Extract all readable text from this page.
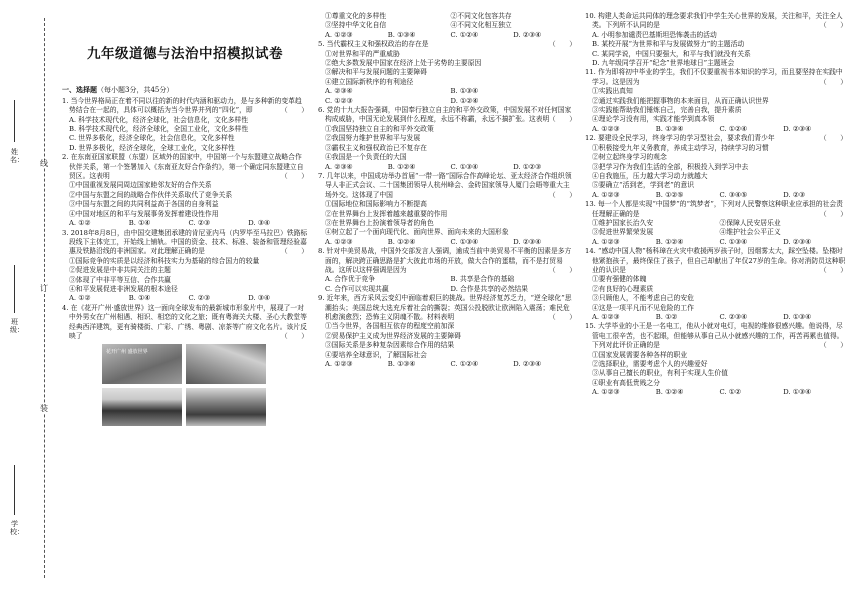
线
订
装
姓名：
班级：
学校：
九年级道德与法治中招模拟试卷
一、选择题（每小题3分，共45分）
1. 当今世界格局正在着不同以往的新的时代内涵和驱动力，是与多种新的变革趋势结合在一起的，具体可以概括为当今世界并列的“四化”，即	（　　）
A. 科学技术现代化，经济全球化，社会信息化，文化多样性
B. 科学技术现代化，经济全球化，全国工业化，文化多样性
C. 世界多极化，经济全球化，社会信息化，文化多样性
D. 世界多极化，经济全球化，全球工业化，文化多样性
2. 在东南亚国家联盟（东盟）区域外的国家中，中国第一个与东盟建立战略合作伙伴关系，第一个签署加入《东南亚友好合作条约》，第一个确定同东盟建立自贸区。这表明	（　　）
①中国重视发展同周边国家睦邻友好的合作关系
②中国与东盟之间的战略合作伙伴关系取代了竞争关系
③中国与东盟之间的共同利益高于各国的自身利益
④中国对地区的和平与发展事务发挥着建设性作用
A. ①②	B. ①④	C. ②③	D. ③④
3. 2018年8月8日，由中国交建集团承建的肯尼亚内马（内罗毕至马拉巴）铁路标段线下主体完工，开始线上铺轨。中国的资金、技术、标准、装备和管理经验嘉惠及铁路沿线的非洲国家。对此理解正确的是	（　　）
①国际竞争的实质是以经济和科技实力为基础的综合国力的较量
②促进发展是中非共同关注的主题
③体现了中非平等互信、合作共赢
④和平发展促进非洲发展的根本途径
A. ①②	B. ①④	C. ②③	D. ③④
4. 在《花开广州·盛放世界》这一面向全球发布的最新城市形象片中，展现了一对中外男女在广州相遇、相识、相恋的文化之旅；既有粤海关大楼、圣心大教堂等经典西洋建筑，更有骑楼街、广彩、广绣、粤剧、凉茶等广府文化名片。该片反映了	（　　）
花开广州 盛放世界
①尊重文化的多样性	②不同文化包容共存
③坚持中华文化自信	④不同文化相互独立
A. ①②③	B. ①③④	C. ①②④	D. ②③④
5. 当代霸权主义和强权政治的存在是	（　　）
①对世界和平的严重威胁
②绝大多数发展中国家在经济上处于劣势的主要原因
③解决和平与发展问题的主要障碍
④建立国际新秩序的有利途径
A. ②③④	B. ①③④
C. ①②③	D. ①②④
6. 党的十九大报告强调，中国奉行独立自主的和平外交政策，中国发展不对任何国家构成威胁，中国无论发展到什么程度，永远不称霸，永远不搞扩张。这表明 （　　）
①我国坚持独立自主的和平外交政策
②我国努力维护世界和平与发展
③霸权主义和强权政治已不复存在
④我国是一个负责任的大国
A. ②③④	B. ①②④	C. ①③④	D. ①②③
7. 几年以来，中国成功举办首届“一带一路”国际合作高峰论坛、亚太经济合作组织领导人非正式会议、二十国集团领导人杭州峰会、金砖国家领导人厦门会晤等重大主场外交。这体现了中国	（　　）
①国际地位和国际影响力不断提高
②在世界舞台上发挥着越来越重要的作用
③在世界舞台上扮演着领导者的角色
④树立起了一个面向现代化、面向世界、面向未来的大国形象
A. ①②③	B. ①②④	C. ①③④	D. ②③④
8. 针对中美贸易战，中国外交部发言人强调，逾成当前中美贸易不平衡的因素是多方面的，解决跨正确思路是扩大彼此市场的开放，做大合作的蛋糕，而不是打贸易战。这所以这样强调是因为	（　　）
A. 合作优于竞争	B. 共享是合作的基础
C. 合作可以实现共赢	D. 合作是共享的必然结果
9. 近年来，西方采风云变幻中面临着艰巨的挑战。世界经济复苏乏力，“逆全球化”思潮抬头；美国总统大选充斥着社会的撕裂；英国公投脱欧让欧洲陷入震荡；难民危机愈演愈烈；恐怖主义阴魂不散。材料表明	（　　）
①当今世界，各国相互依存的程度空前加深
②贸易保护主义成为世界经济发展的主要障碍
③国际关系是多种复杂因素综合作用的结果
④要培养全球意识，了解国际社会
A. ①②③	B. ①③④	C. ①②④	D. ②③④
10. 构建人类命运共同体的理念要求我们中学生关心世界的发展，关注和平，关注全人类。下列所不认同的是	（　　）
A. 小明参加谴责巴基斯坦恐怖袭击的活动
B. 某校开展“为世界和平与发展做努力”的主题活动
C. 某同学说，中国只要强大，和平与我们就没有关系
D. 九年级同学召开“纪念”世界地球日”主题班会
11. 作为即将初中毕业的学生，我们不仅要重视书本知识的学习，而且要坚持在实践中学习。这是因为	（　　）
①实践出真知
②通过实践我们能把握事物的本来面目，从而正确认识世界
③实践能帮助我们锤炼自己，完善自我，提升素质
④理论学习没有用，实践才能学到真本领
A. ①②③	B. ①③④	C. ①②④	D. ②③④
12. 要建设全民学习，终身学习的学习型社会，要求我们青少年	（　　）
①积极接受九年义务教育，养成主动学习，持续学习的习惯
②树立起终身学习的观念
③把学习作为我们生活的全部，积极投入到学习中去
④自我施压，压力越大学习动力就越大
⑤要确立“活到老，学到老”的意识
A. ①②③	B. ①②⑤	C. ③④⑤	D. ②③
13. 每一个人都是实现“中国梦”的“筑梦者”，下列对人民警察这种职业应承担的社会责任理解正确的是	（　　）
①维护国家长治久安	②保障人民安居乐业
③促进世界繁荣发展	④维护社会公平正义
A. ①②③	B. ①②④	C. ①③④	D. ②③④
14. “感动中国人物”杨科璋在火灾中救援两岁孩子时，因烟雾太大，踩空坠楼。坠楼时他紧抱孩子，最终保住了孩子，但自己却献出了年仅27岁的生命。你对消防员这种职业的认识是	（　　）
①要有强健的体魄
②有良好的心理素质
③只顾他人，不能考虑自己的安危
④这是一项平凡而不见危险的工作
A. ①②③	B. ①②	C. ②③④	D. ①③④
15. 大学毕业的小王是一名电工，他从小就对电灯，电视的维修很感兴趣。他说得，尽管电工很辛苦，也不起眼，但能够从事自己从小就感兴趣的工作，再苦再累也值得。下列对此评价正确的是	（　　）
①国家发展需要各种各样的职业
②选择职业，需要考虑个人的兴趣爱好
③从事自己擅长的职业，有利于实现人生价值
④职业有高低贵贱之分
A. ①②③	B. ①②④	C. ①②	D. ①③④
